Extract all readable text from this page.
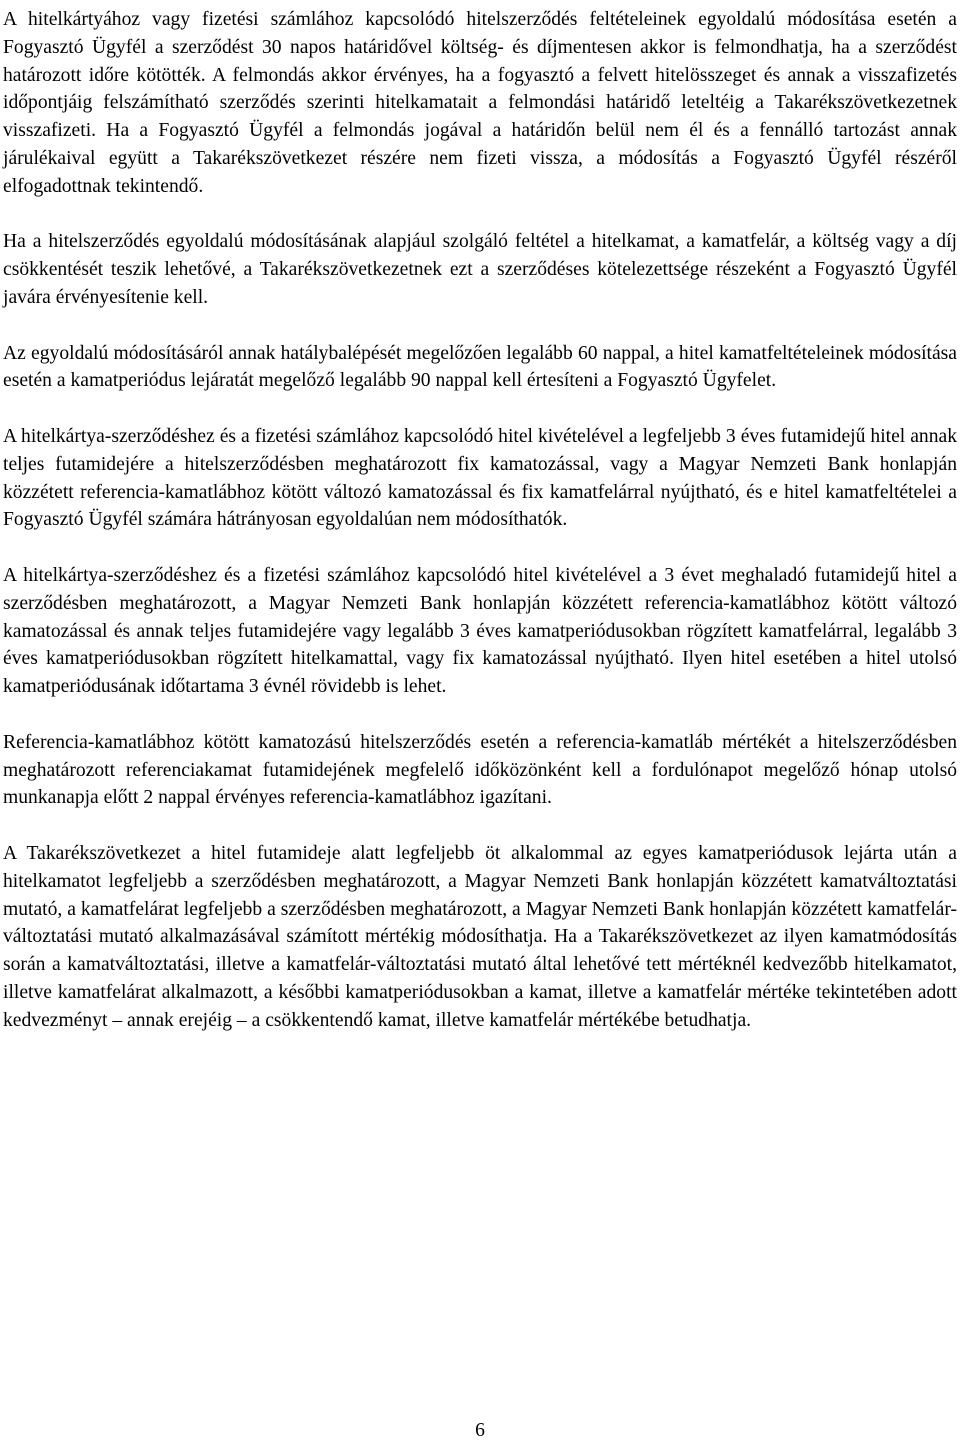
A hitelkártyához vagy fizetési számlához kapcsolódó hitelszerződés feltételeinek egyoldalú módosítása esetén a Fogyasztó Ügyfél a szerződést 30 napos határidővel költség- és díjmentesen akkor is felmondhatja, ha a szerződést határozott időre kötötték. A felmondás akkor érvényes, ha a fogyasztó a felvett hitelösszeget és annak a visszafizetés időpontjáig felszámítható szerződés szerinti hitelkamatait a felmondási határidő leteltéig a Takarékszövetkezetnek visszafizeti. Ha a Fogyasztó Ügyfél a felmondás jogával a határidőn belül nem él és a fennálló tartozást annak járulékaival együtt a Takarékszövetkezet részére nem fizeti vissza, a módosítás a Fogyasztó Ügyfél részéről elfogadottnak tekintendő.

Ha a hitelszerződés egyoldalú módosításának alapjául szolgáló feltétel a hitelkamat, a kamatfelár, a költség vagy a díj csökkentését teszik lehetővé, a Takarékszövetkezetnek ezt a szerződéses kötelezettsége részeként a Fogyasztó Ügyfél javára érvényesítenie kell.

Az egyoldalú módosításáról annak hatálybalépését megelőzően legalább 60 nappal, a hitel kamatfeltételeinek módosítása esetén a kamatperiódus lejáratát megelőző legalább 90 nappal kell értesíteni a Fogyasztó Ügyfelet.

A hitelkártya-szerződéshez és a fizetési számlához kapcsolódó hitel kivételével a legfeljebb 3 éves futamidejű hitel annak teljes futamidejére a hitelszerződésben meghatározott fix kamatozással, vagy a Magyar Nemzeti Bank honlapján közzétett referencia-kamatlábhoz kötött változó kamatozással és fix kamatfelárral nyújtható, és e hitel kamatfeltételei a Fogyasztó Ügyfél számára hátrányosan egyoldalúan nem módosíthatók.

A hitelkártya-szerződéshez és a fizetési számlához kapcsolódó hitel kivételével a 3 évet meghaladó futamidejű hitel a szerződésben meghatározott, a Magyar Nemzeti Bank honlapján közzétett referencia-kamatlábhoz kötött változó kamatozással és annak teljes futamidejére vagy legalább 3 éves kamatperiódusokban rögzített kamatfelárral, legalább 3 éves kamatperiódusokban rögzített hitelkamattal, vagy fix kamatozással nyújtható. Ilyen hitel esetében a hitel utolsó kamatperiódusának időtartama 3 évnél rövidebb is lehet.

Referencia-kamatlábhoz kötött kamatozású hitelszerződés esetén a referencia-kamatláb mértékét a hitelszerződésben meghatározott referenciakamat futamidejének megfelelő időközönként kell a fordulónapot megelőző hónap utolsó munkanapja előtt 2 nappal érvényes referencia-kamatlábhoz igazítani.

A Takarékszövetkezet a hitel futamideje alatt legfeljebb öt alkalommal az egyes kamatperiódusok lejárta után a hitelkamatot legfeljebb a szerződésben meghatározott, a Magyar Nemzeti Bank honlapján közzétett kamatváltoztatási mutató, a kamatfelárat legfeljebb a szerződésben meghatározott, a Magyar Nemzeti Bank honlapján közzétett kamatfelár-változtatási mutató alkalmazásával számított mértékig módosíthatja. Ha a Takarékszövetkezet az ilyen kamatmódosítás során a kamatváltoztatási, illetve a kamatfelár-változtatási mutató által lehetővé tett mértéknél kedvezőbb hitelkamatot, illetve kamatfelárat alkalmazott, a későbbi kamatperiódusokban a kamat, illetve a kamatfelár mértéke tekintetében adott kedvezményt – annak erejéig – a csökkentendő kamat, illetve kamatfelár mértékébe betudhatja.

6
